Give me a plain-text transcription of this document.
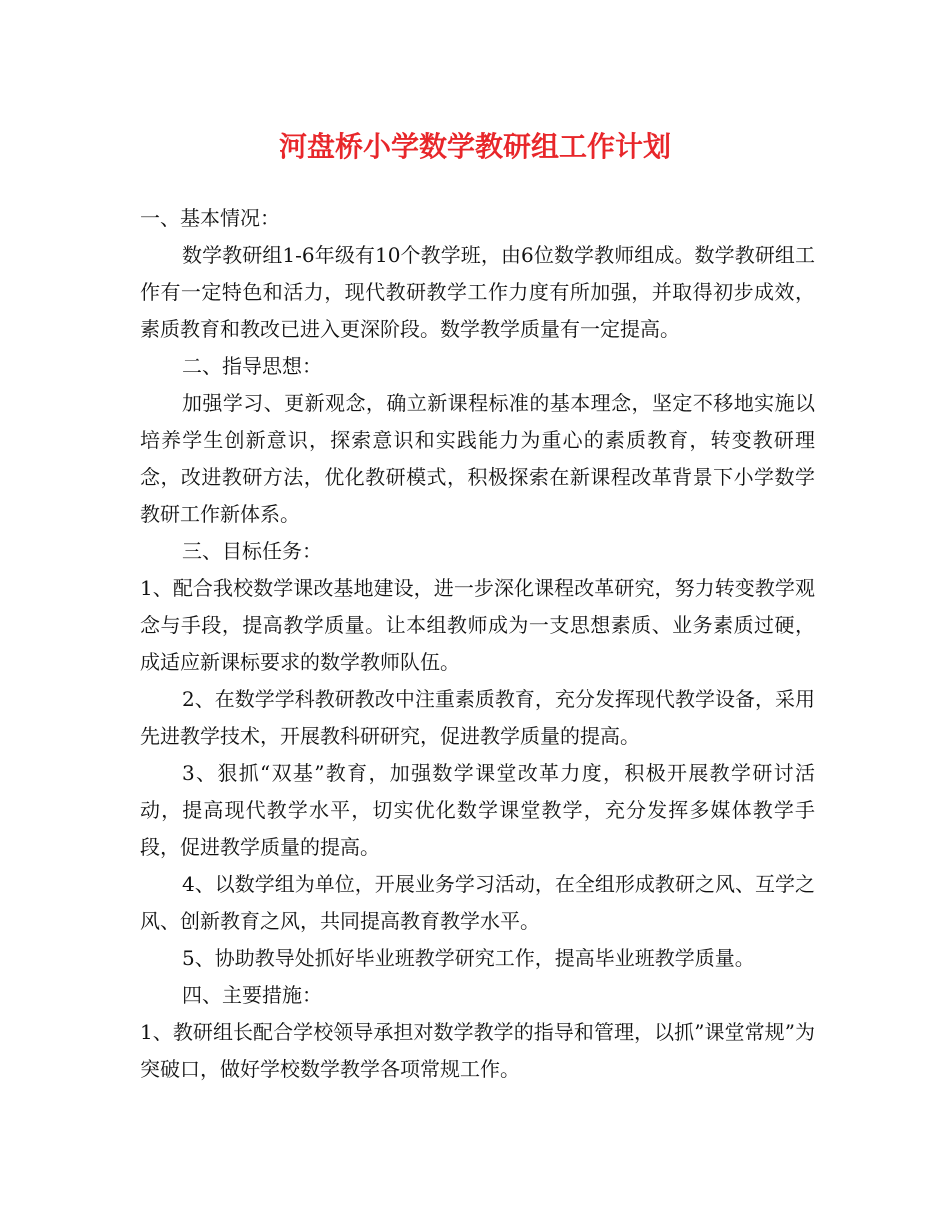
河盘桥小学数学教研组工作计划

一、基本情况：

数学教研组1-6年级有10个教学班，由6位数学教师组成。数学教研组工作有一定特色和活力，现代教研教学工作力度有所加强，并取得初步成效，素质教育和教改已进入更深阶段。数学教学质量有一定提高。

二、指导思想：

加强学习、更新观念，确立新课程标准的基本理念，坚定不移地实施以培养学生创新意识，探索意识和实践能力为重心的素质教育，转变教研理念，改进教研方法，优化教研模式，积极探索在新课程改革背景下小学数学教研工作新体系。

三、目标任务：

1、配合我校数学课改基地建设，进一步深化课程改革研究，努力转变教学观念与手段，提高教学质量。让本组教师成为一支思想素质、业务素质过硬，成适应新课标要求的数学教师队伍。

2、在数学学科教研教改中注重素质教育，充分发挥现代教学设备，采用先进教学技术，开展教科研研究，促进教学质量的提高。

3、狠抓“双基”教育，加强数学课堂改革力度，积极开展教学研讨活动，提高现代教学水平，切实优化数学课堂教学，充分发挥多媒体教学手段，促进教学质量的提高。

4、以数学组为单位，开展业务学习活动，在全组形成教研之风、互学之风、创新教育之风，共同提高教育教学水平。

5、协助教导处抓好毕业班教学研究工作，提高毕业班教学质量。

四、主要措施：

1、教研组长配合学校领导承担对数学教学的指导和管理，以抓”课堂常规”为突破口，做好学校数学教学各项常规工作。
